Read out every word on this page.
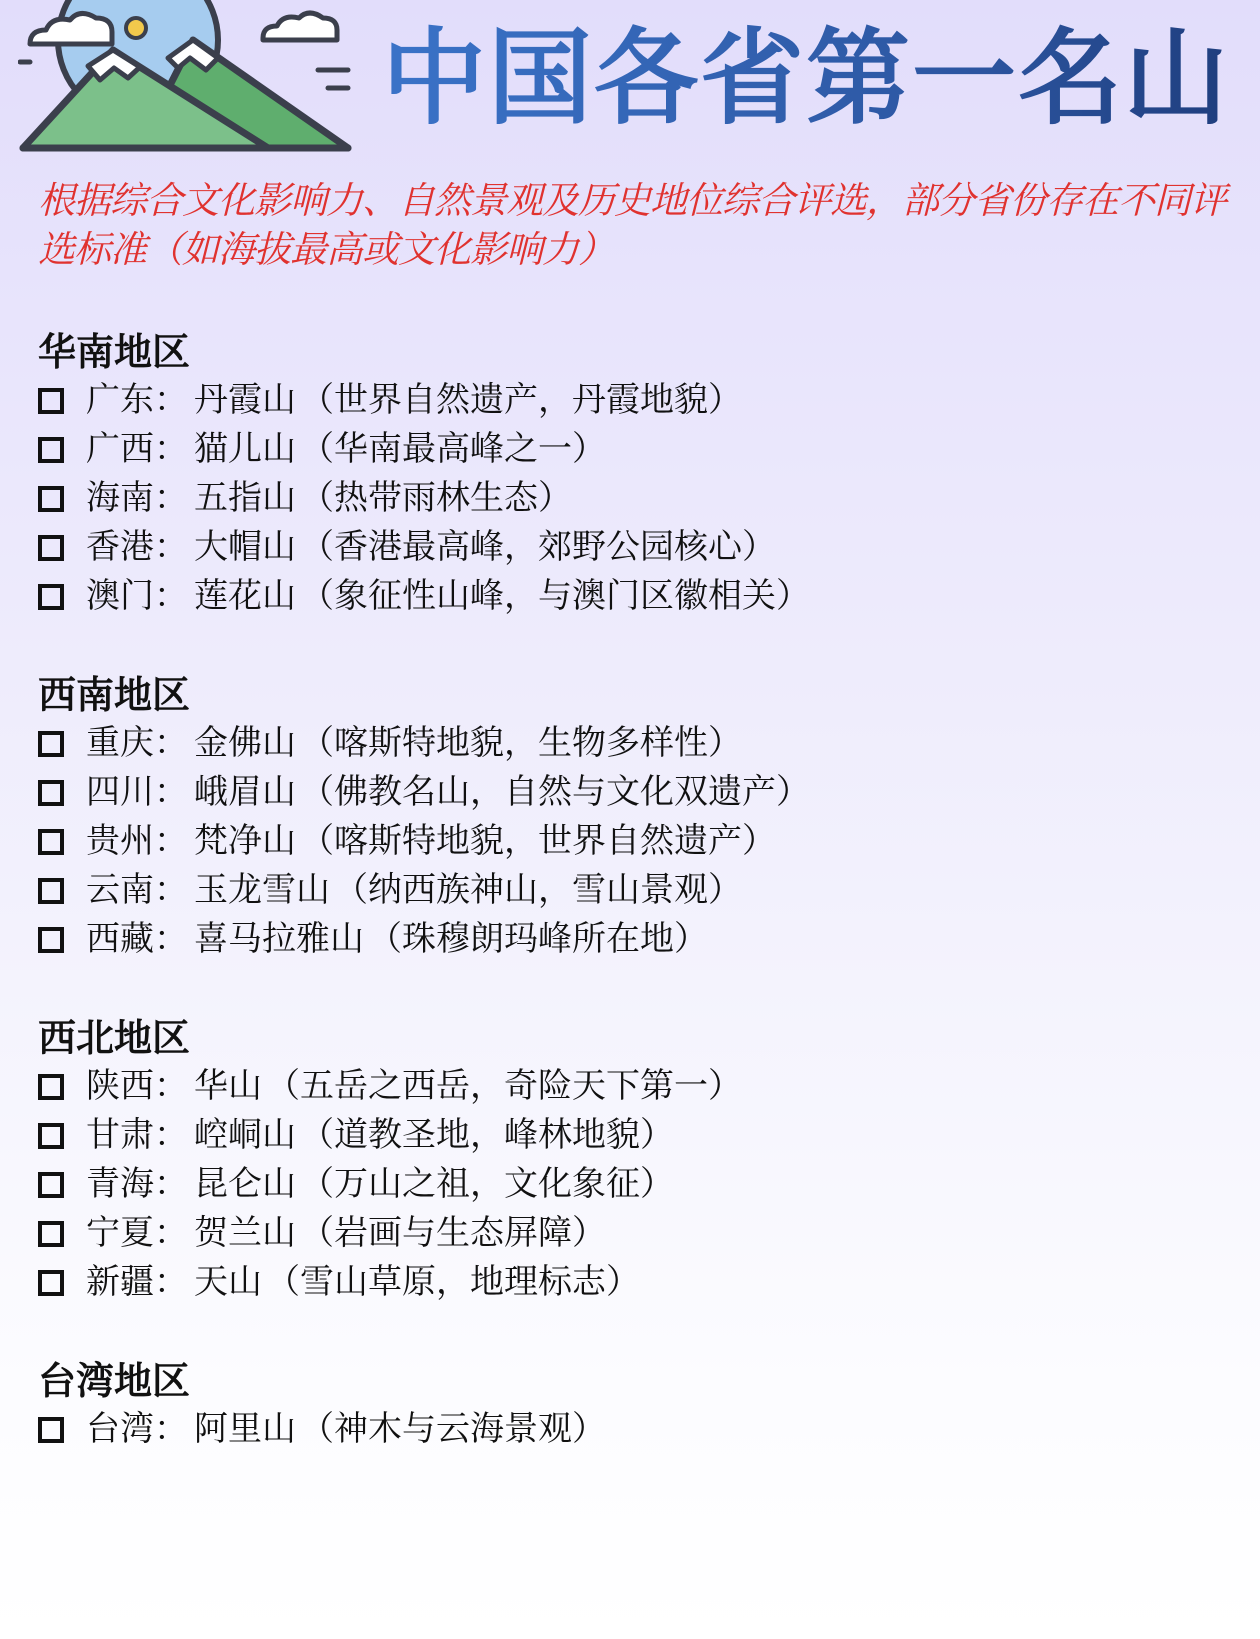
中国各省第一名山
根据综合文化影响力、自然景观及历史地位综合评选，部分省份存在不同评选标准（如海拔最高或文化影响力）
华南地区
广东 ： 丹霞山 （世界自然遗产，丹霞地貌）
广西 ： 猫儿山 （华南最高峰之一）
海南 ： 五指山 （热带雨林生态）
香港 ： 大帽山 （香港最高峰，郊野公园核心）
澳门 ： 莲花山 （象征性山峰，与澳门区徽相关）
西南地区
重庆 ： 金佛山 （喀斯特地貌，生物多样性）
四川 ： 峨眉山 （佛教名山，自然与文化双遗产）
贵州 ： 梵净山 （喀斯特地貌，世界自然遗产）
云南 ： 玉龙雪山 （纳西族神山，雪山景观）
西藏 ： 喜马拉雅山 （珠穆朗玛峰所在地）
西北地区
陕西 ： 华山 （五岳之西岳，奇险天下第一）
甘肃 ： 崆峒山 （道教圣地，峰林地貌）
青海 ： 昆仑山 （万山之祖，文化象征）
宁夏 ： 贺兰山 （岩画与生态屏障）
新疆 ： 天山 （雪山草原，地理标志）
台湾地区
台湾 ： 阿里山 （神木与云海景观）
